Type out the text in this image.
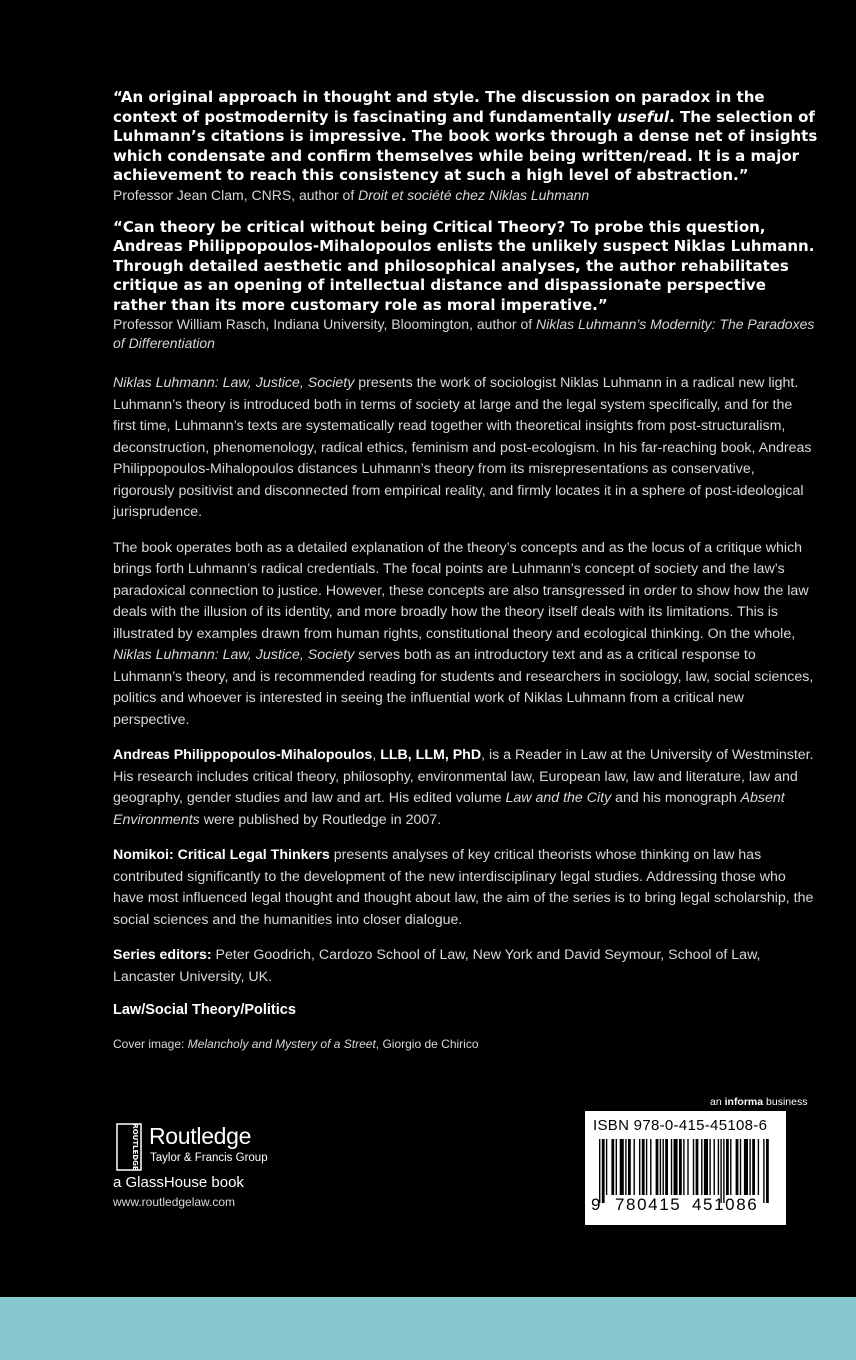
“An original approach in thought and style. The discussion on paradox in the context of postmodernity is fascinating and fundamentally useful. The selection of Luhmann’s citations is impressive. The book works through a dense net of insights which condensate and confirm themselves while being written/read. It is a major achievement to reach this consistency at such a high level of abstraction.”

Professor Jean Clam, CNRS, author of Droit et société chez Niklas Luhmann

“Can theory be critical without being Critical Theory? To probe this question, Andreas Philippopoulos-Mihalopoulos enlists the unlikely suspect Niklas Luhmann. Through detailed aesthetic and philosophical analyses, the author rehabilitates critique as an opening of intellectual distance and dispassionate perspective rather than its more customary role as moral imperative.”

Professor William Rasch, Indiana University, Bloomington, author of Niklas Luhmann’s Modernity: The Paradoxes of Differentiation

Niklas Luhmann: Law, Justice, Society presents the work of sociologist Niklas Luhmann in a radical new light. Luhmann’s theory is introduced both in terms of society at large and the legal system specifically, and for the first time, Luhmann’s texts are systematically read together with theoretical insights from post-structuralism, deconstruction, phenomenology, radical ethics, feminism and post-ecologism. In his far-reaching book, Andreas Philippopoulos-Mihalopoulos distances Luhmann’s theory from its misrepresentations as conservative, rigorously positivist and disconnected from empirical reality, and firmly locates it in a sphere of post-ideological jurisprudence.

The book operates both as a detailed explanation of the theory’s concepts and as the locus of a critique which brings forth Luhmann’s radical credentials. The focal points are Luhmann’s concept of society and the law’s paradoxical connection to justice. However, these concepts are also transgressed in order to show how the law deals with the illusion of its identity, and more broadly how the theory itself deals with its limitations. This is illustrated by examples drawn from human rights, constitutional theory and ecological thinking. On the whole, Niklas Luhmann: Law, Justice, Society serves both as an introductory text and as a critical response to Luhmann’s theory, and is recommended reading for students and researchers in sociology, law, social sciences, politics and whoever is interested in seeing the influential work of Niklas Luhmann from a critical new perspective.

Andreas Philippopoulos-Mihalopoulos, LLB, LLM, PhD, is a Reader in Law at the University of Westminster. His research includes critical theory, philosophy, environmental law, European law, law and literature, law and geography, gender studies and law and art. His edited volume Law and the City and his monograph Absent Environments were published by Routledge in 2007.

Nomikoi: Critical Legal Thinkers presents analyses of key critical theorists whose thinking on law has contributed significantly to the development of the new interdisciplinary legal studies. Addressing those who have most influenced legal thought and thought about law, the aim of the series is to bring legal scholarship, the social sciences and the humanities into closer dialogue.

Series editors: Peter Goodrich, Cardozo School of Law, New York and David Seymour, School of Law, Lancaster University, UK.

Law/Social Theory/Politics

Cover image: Melancholy and Mystery of a Street, Giorgio de Chirico

ROUTLEDGE Routledge
Taylor & Francis Group
a GlassHouse book
www.routledgelaw.com
an informa business
ISBN 978-0-415-45108-6
9 780415 451086
